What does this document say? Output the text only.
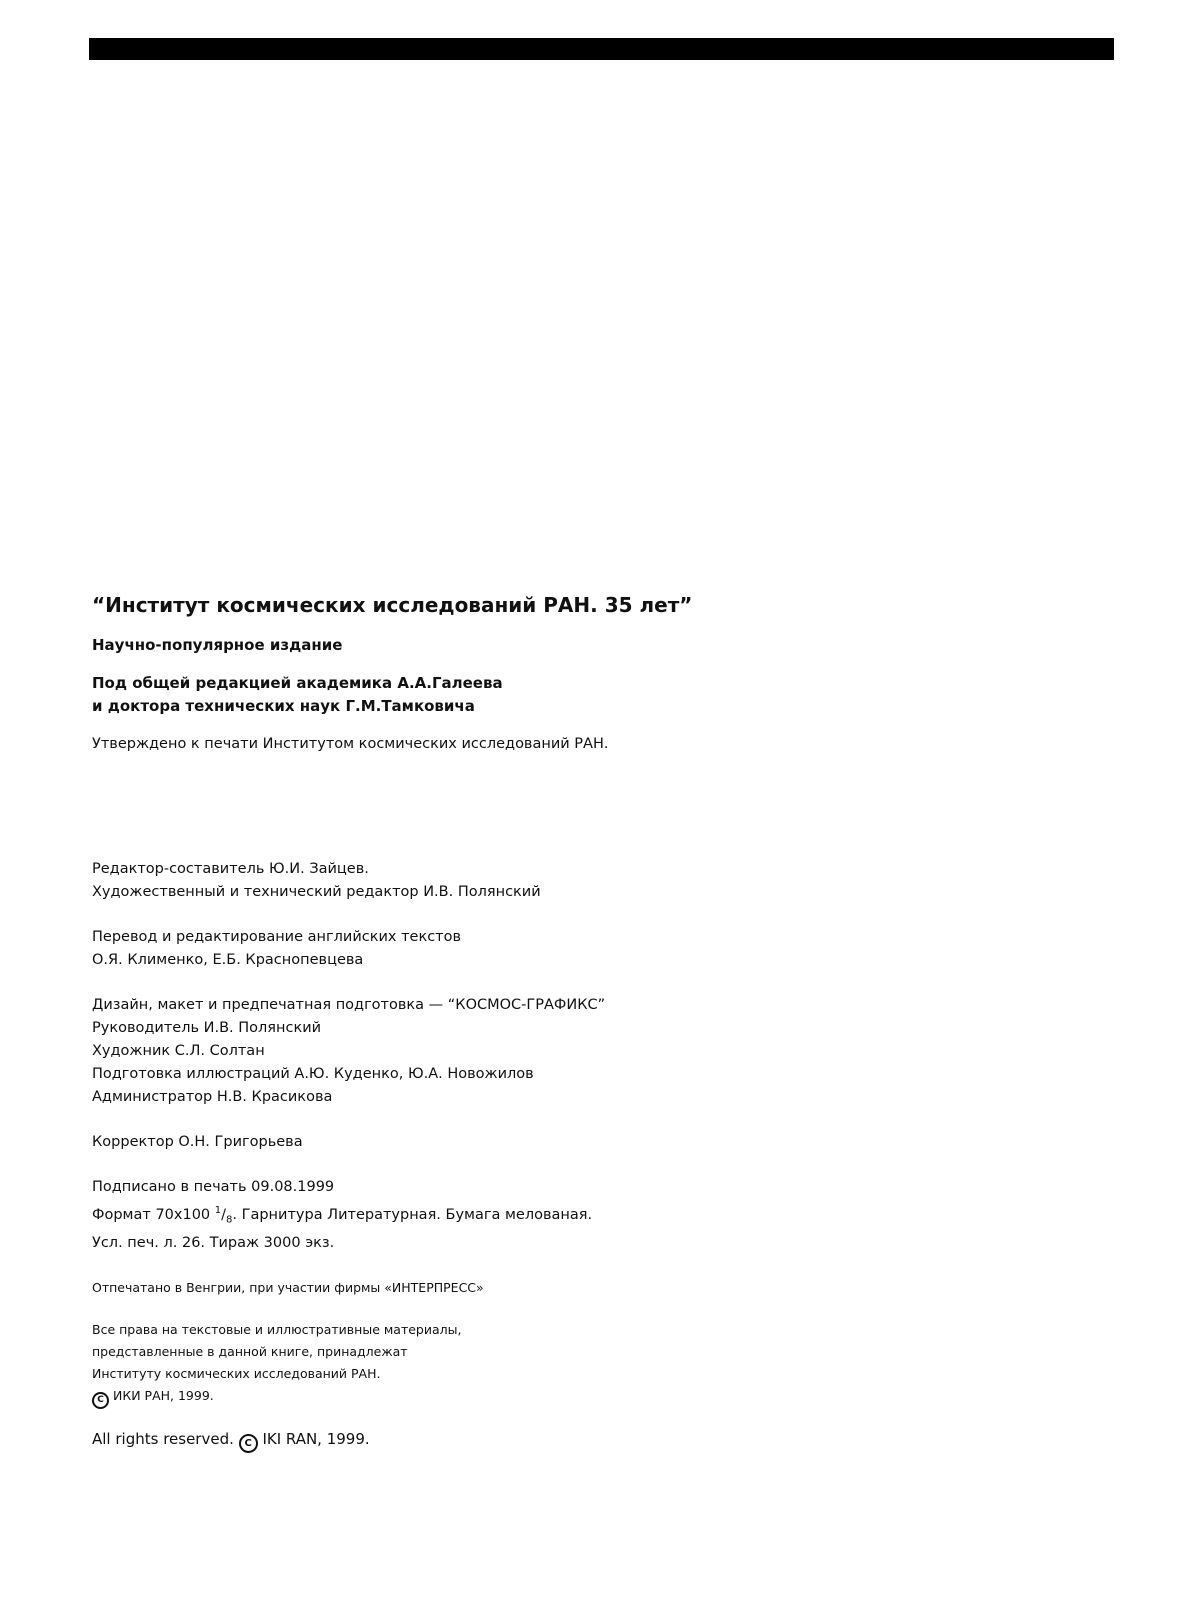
“Институт космических исследований РАН. 35 лет”
Научно-популярное издание
Под общей редакцией академика А.А.Галеева
и доктора технических наук Г.М.Тамковича
Утверждено к печати Институтом космических исследований РАН.
Редактор-составитель Ю.И. Зайцев.
Художественный и технический редактор И.В. Полянский
Перевод и редактирование английских текстов
О.Я. Клименко, Е.Б. Краснопевцева
Дизайн, макет и предпечатная подготовка — “КОСМОС-ГРАФИКС”
Руководитель И.В. Полянский
Художник С.Л. Солтан
Подготовка иллюстраций А.Ю. Куденко, Ю.А. Новожилов
Администратор Н.В. Красикова
Корректор О.Н. Григорьева
Подписано в печать 09.08.1999
Формат 70x100 $^1/_8$. Гарнитура Литературная. Бумага мелованая.
Усл. печ. л. 26. Тираж 3000 экз.
Отпечатано в Венгрии, при участии фирмы «ИНТЕРПРЕСС»
Все права на текстовые и иллюстративные материалы,
представленные в данной книге, принадлежат
Институту космических исследований РАН.
C ИКИ РАН, 1999.
All rights reserved. C IKI RAN, 1999.
